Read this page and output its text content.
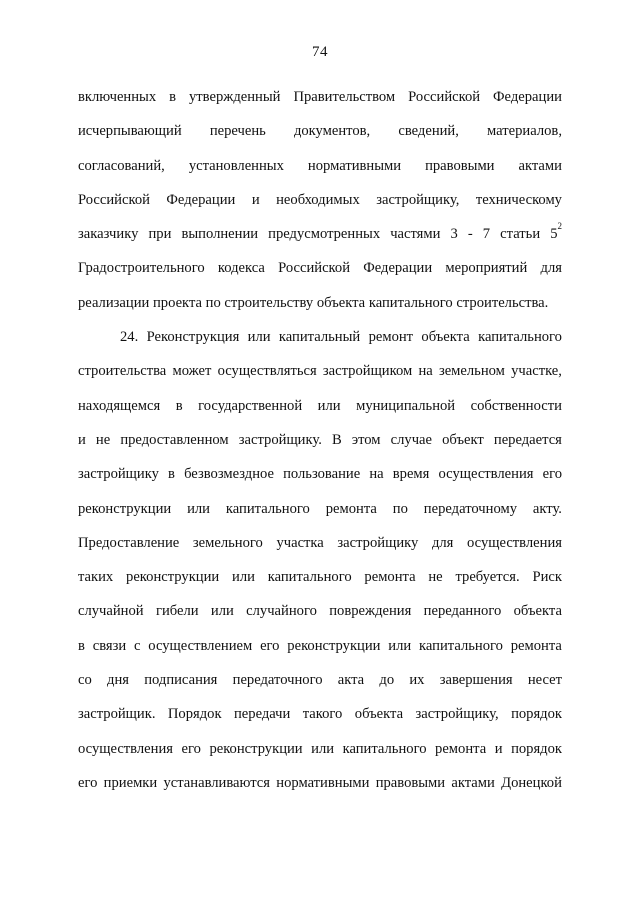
74
включенных в утвержденный Правительством Российской Федерации
исчерпывающий перечень документов, сведений, материалов,
согласований, установленных нормативными правовыми актами
Российской Федерации и необходимых застройщику, техническому
заказчику при выполнении предусмотренных частями 3 - 7 статьи $5^2$
Градостроительного кодекса Российской Федерации мероприятий для
реализации
проекта
по
строительству
объекта
капитального
строительства.

24. Реконструкция или капитальный ремонт объекта капитального
строительства может осуществляться застройщиком на земельном участке,
находящемся в государственной или муниципальной собственности
и не предоставленном застройщику. В этом случае объект передается
застройщику в безвозмездное пользование на время осуществления его
реконструкции или капитального ремонта по передаточному акту.
Предоставление земельного участка застройщику для осуществления
таких реконструкции или капитального ремонта не требуется. Риск
случайной гибели или случайного повреждения переданного объекта
в связи с осуществлением его реконструкции или капитального ремонта
со дня подписания передаточного акта до их завершения несет
застройщик. Порядок передачи такого объекта застройщику, порядок
осуществления его реконструкции или капитального ремонта и порядок
его приемки устанавливаются нормативными правовыми актами Донецкой
